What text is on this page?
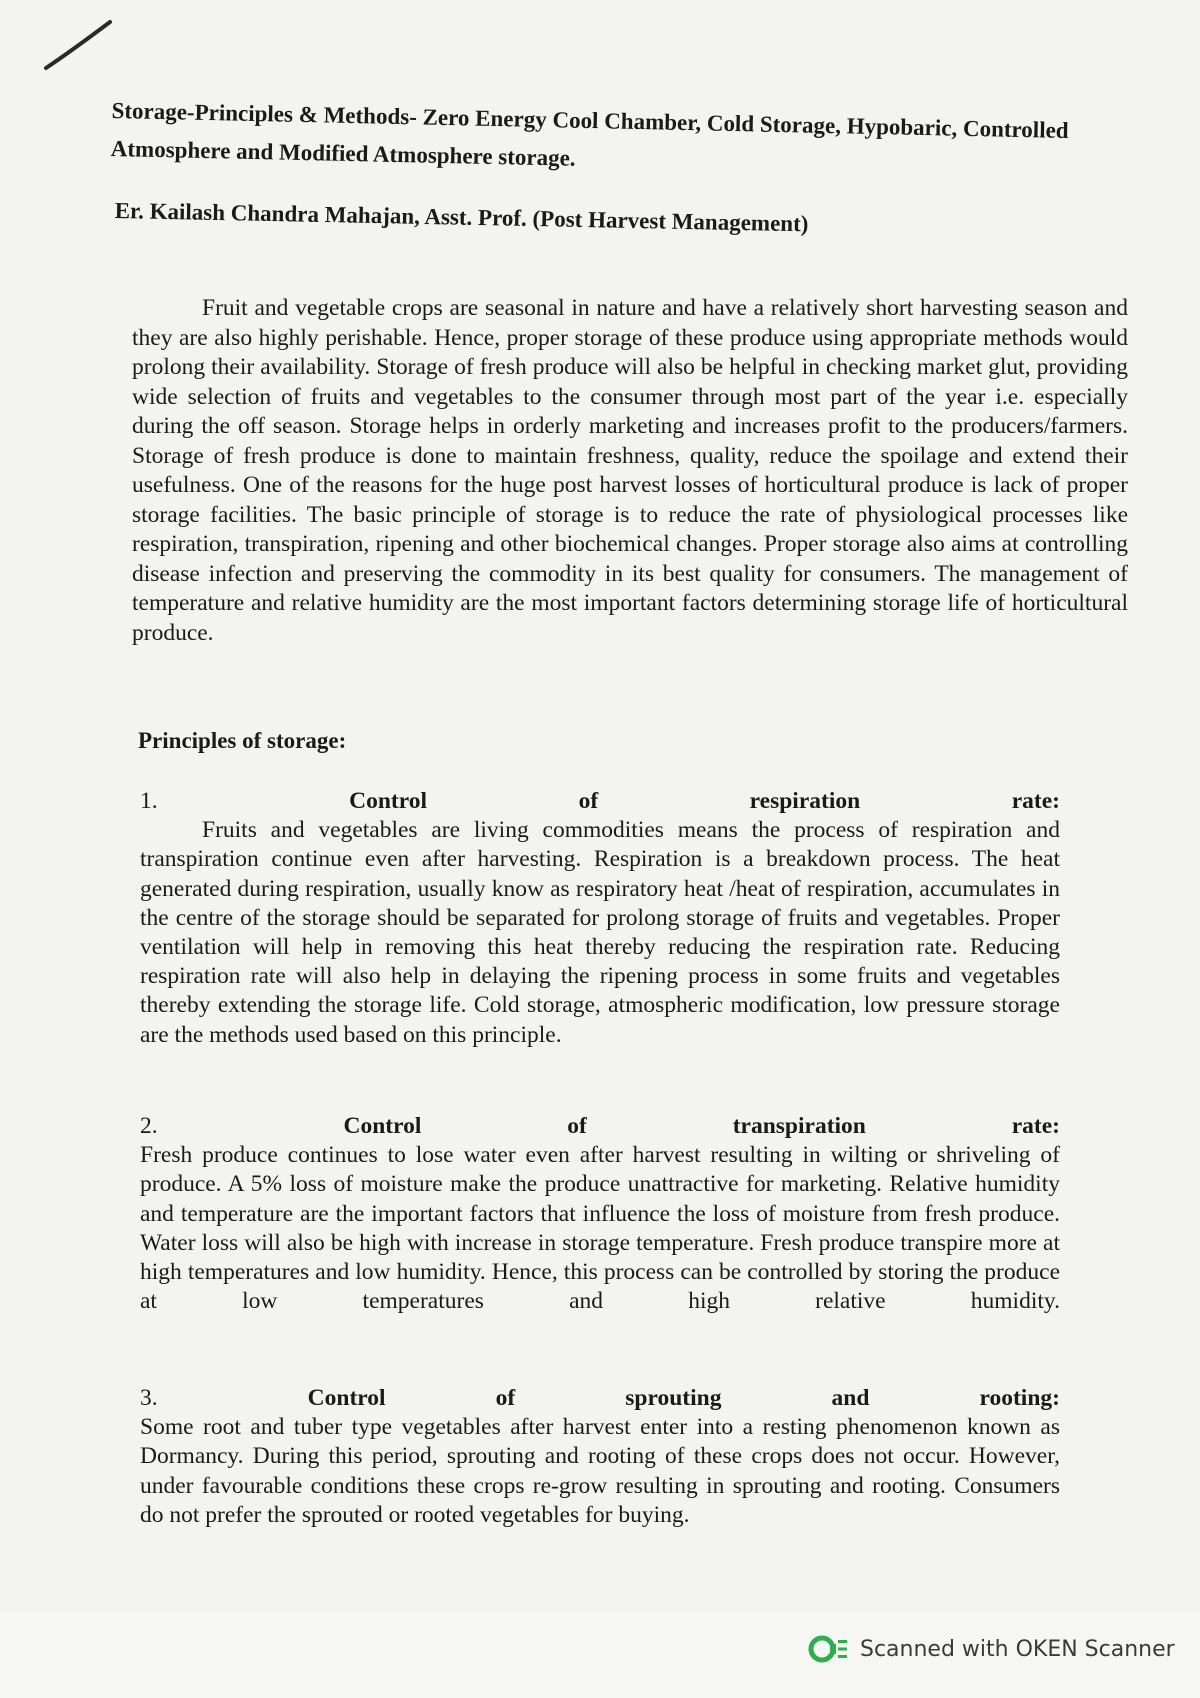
Storage-Principles & Methods- Zero Energy Cool Chamber, Cold Storage, Hypobaric, Controlled Atmosphere and Modified Atmosphere storage.

Er. Kailash Chandra Mahajan, Asst. Prof. (Post Harvest Management)

Fruit and vegetable crops are seasonal in nature and have a relatively short harvesting season and they are also highly perishable. Hence, proper storage of these produce using appropriate methods would prolong their availability. Storage of fresh produce will also be helpful in checking market glut, providing wide selection of fruits and vegetables to the consumer through most part of the year i.e. especially during the off season. Storage helps in orderly marketing and increases profit to the producers/farmers. Storage of fresh produce is done to maintain freshness, quality, reduce the spoilage and extend their usefulness. One of the reasons for the huge post harvest losses of horticultural produce is lack of proper storage facilities. The basic principle of storage is to reduce the rate of physiological processes like respiration, transpiration, ripening and other biochemical changes. Proper storage also aims at controlling disease infection and preserving the commodity in its best quality for consumers. The management of temperature and relative humidity are the most important factors determining storage life of horticultural produce.

Principles of storage:
1.	Control	of	respiration	rate:
Fruits and vegetables are living commodities means the process of respiration and transpiration continue even after harvesting. Respiration is a breakdown process. The heat generated during respiration, usually know as respiratory heat /heat of respiration, accumulates in the centre of the storage should be separated for prolong storage of fruits and vegetables. Proper ventilation will help in removing this heat thereby reducing the respiration rate. Reducing respiration rate will also help in delaying the ripening process in some fruits and vegetables thereby extending the storage life. Cold storage, atmospheric modification, low pressure storage are the methods used based on this principle.
2.	Control	of	transpiration	rate:
Fresh produce continues to lose water even after harvest resulting in wilting or shriveling of produce. A 5% loss of moisture make the produce unattractive for marketing. Relative humidity and temperature are the important factors that influence the loss of moisture from fresh produce. Water loss will also be high with increase in storage temperature. Fresh produce transpire more at high temperatures and low humidity. Hence, this process can be controlled by storing the produce at low temperatures and high relative humidity.
3.	Control	of	sprouting	and	rooting:
Some root and tuber type vegetables after harvest enter into a resting phenomenon known as Dormancy. During this period, sprouting and rooting of these crops does not occur. However, under favourable conditions these crops re-grow resulting in sprouting and rooting. Consumers do not prefer the sprouted or rooted vegetables for buying.
Scanned with OKEN Scanner
